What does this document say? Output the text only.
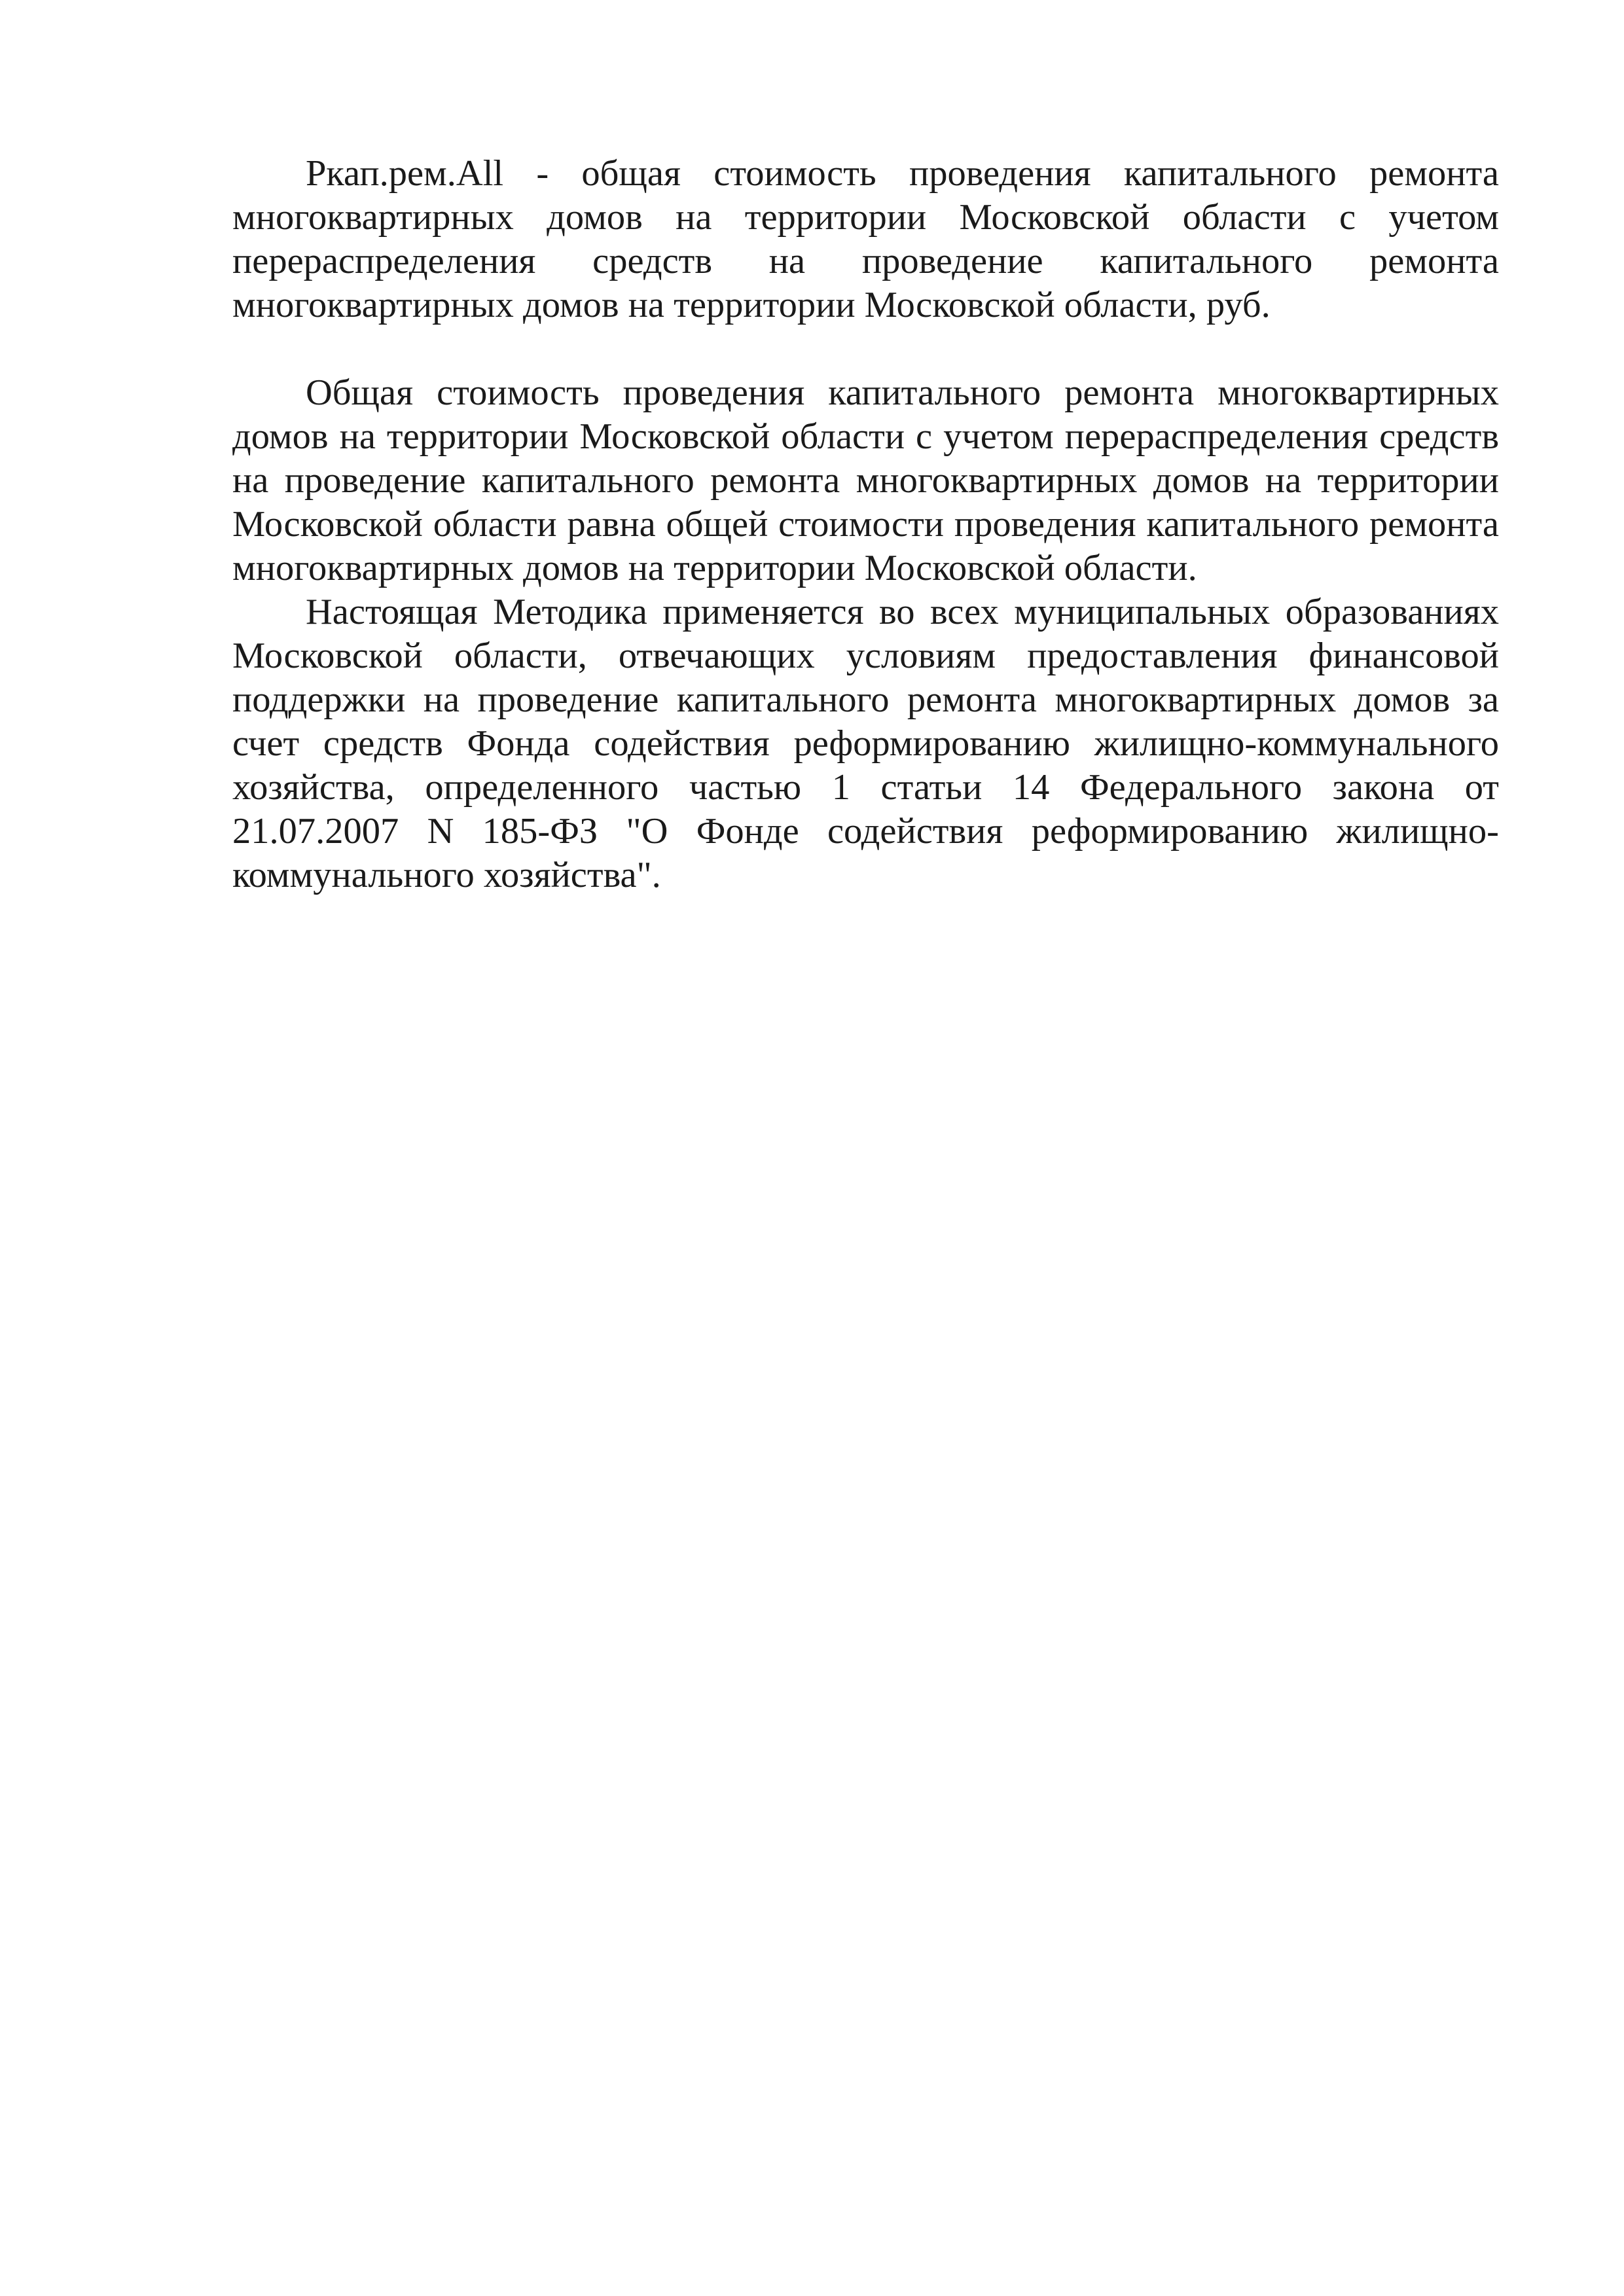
Ркап.рем.All - общая стоимость проведения капитального ремонта многоквартирных домов на территории Московской области с учетом перераспределения средств на проведение капитального ремонта многоквартирных домов на территории Московской области, руб.

Общая стоимость проведения капитального ремонта многоквартирных домов на территории Московской области с учетом перераспределения средств на проведение капитального ремонта многоквартирных домов на территории Московской области равна общей стоимости проведения капитального ремонта многоквартирных домов на территории Московской области.

Настоящая Методика применяется во всех муниципальных образованиях Московской области, отвечающих условиям предоставления финансовой поддержки на проведение капитального ремонта многоквартирных домов за счет средств Фонда содействия реформированию жилищно-коммунального хозяйства, определенного частью 1 статьи 14 Федерального закона от 21.07.2007 N 185-ФЗ "О Фонде содействия реформированию жилищно-коммунального хозяйства".
